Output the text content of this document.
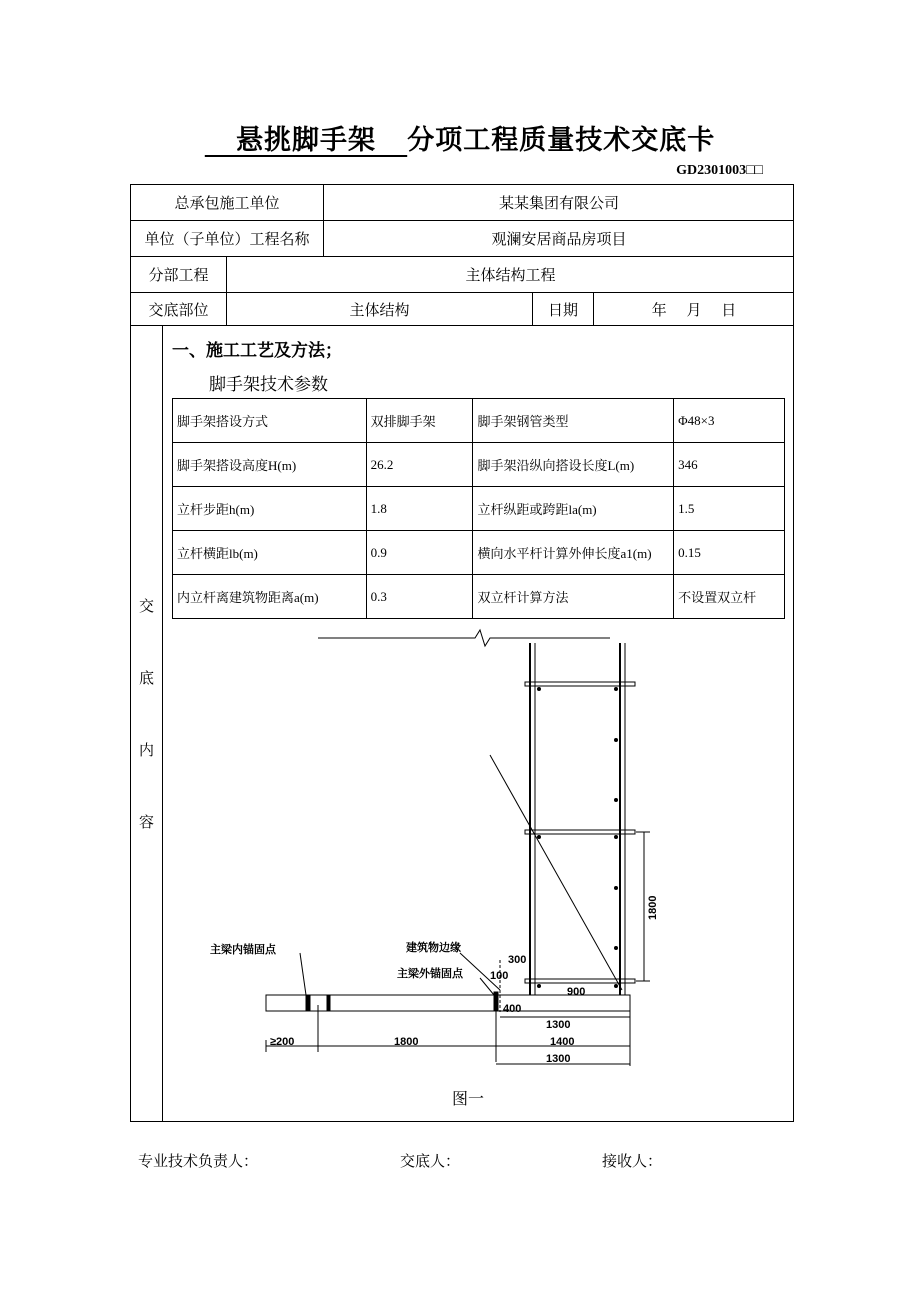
悬挑脚手架 分项工程质量技术交底卡
GD2301003□□
总承包施工单位	某某集团有限公司
单位（子单位）工程名称	观澜安居商品房项目
分部工程	主体结构工程
交底部位	主体结构	日期	年　 月　 日
交
底
内
容
一、施工工艺及方法；
脚手架技术参数
脚手架搭设方式	双排脚手架	脚手架钢管类型	Φ48×3
脚手架搭设高度H(m)	26.2	脚手架沿纵向搭设长度L(m)	346
立杆步距h(m)	1.8	立杆纵距或跨距la(m)	1.5
立杆横距lb(m)	0.9	横向水平杆计算外伸长度a1(m)	0.15
内立杆离建筑物距离a(m)	0.3	双立杆计算方法	不设置双立杆
主梁内锚固点	建筑物边缘
主梁外锚固点
300
100
900
400
1300
≥200	1800	1400
1300
1800
图一
专业技术负责人：	交底人：	接收人：
